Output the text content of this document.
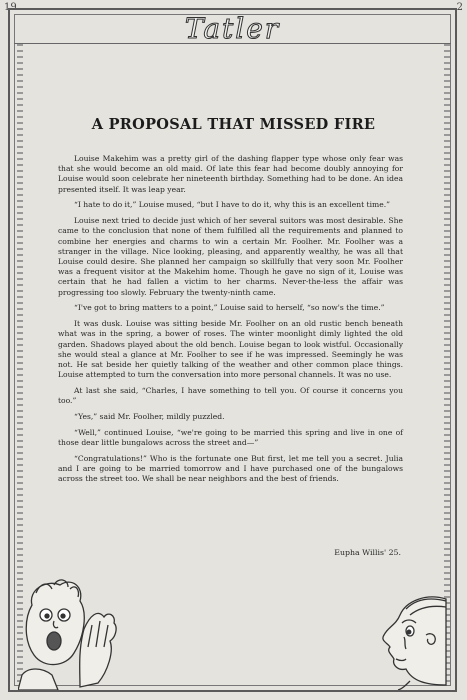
19	2
Tatler
A PROPOSAL THAT MISSED FIRE

Louise Makehim was a pretty girl of the dashing flapper type whose only fear was that she would become an old maid. Of late this fear had become doubly annoying for Louise would soon celebrate her nineteenth birthday. Something had to be done. An idea presented itself. It was leap year.

“I hate to do it,” Louise mused, “but I have to do it, why this is an excellent time.”

Louise next tried to decide just which of her several suitors was most desirable. She came to the conclusion that none of them fulfilled all the requirements and planned to combine her energies and charms to win a certain Mr. Foolher. Mr. Foolher was a stranger in the village. Nice looking, pleasing, and apparently wealthy, he was all that Louise could desire. She planned her campaign so skillfully that very soon Mr. Foolher was a frequent visitor at the Makehim home. Though he gave no sign of it, Louise was certain that he had fallen a victim to her charms. Never-the-less the affair was progressing too slowly. February the twenty-ninth came.

“I've got to bring matters to a point,” Louise said to herself, “so now's the time.”

It was dusk. Louise was sitting beside Mr. Foolher on an old rustic bench beneath what was in the spring, a bower of roses. The winter moonlight dimly lighted the old garden. Shadows played about the old bench. Louise began to look wistful. Occasionally she would steal a glance at Mr. Foolher to see if he was impressed. Seemingly he was not. He sat beside her quietly talking of the weather and other common place things. Louise attempted to turn the conversation into more personal channels. It was no use.

At last she said, “Charles, I have something to tell you. Of course it concerns you too.”

“Yes,” said Mr. Foolher, mildly puzzled.

“Well,” continued Louise, “we're going to be married this spring and live in one of those dear little bungalows across the street and—”

“Congratulations!” Who is the fortunate one But first, let me tell you a secret. Julia and I are going to be married tomorrow and I have purchased one of the bungalows across the street too. We shall be near neighbors and the best of friends.

Eupha Willis' 25.
